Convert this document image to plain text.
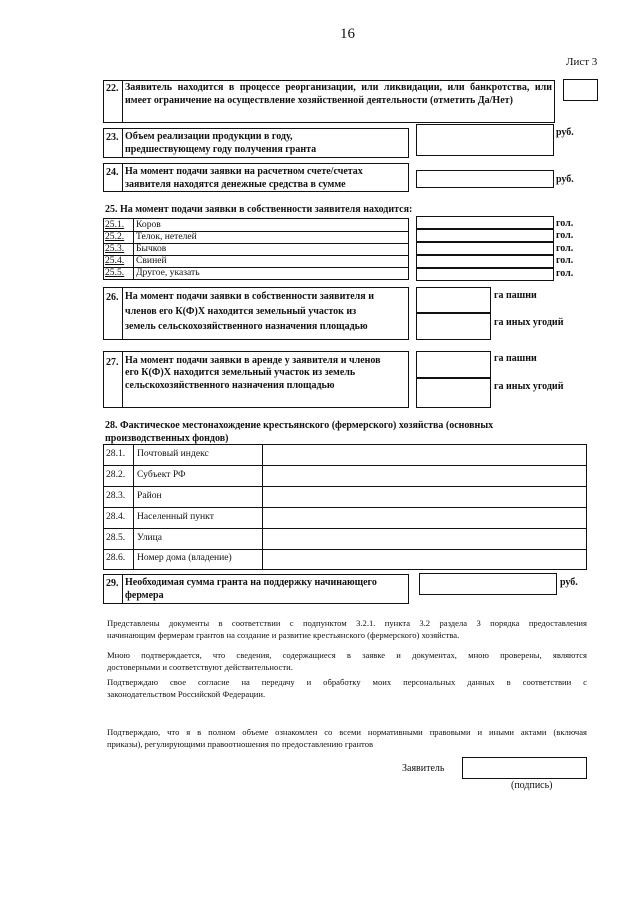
16
Лист 3
22. Заявитель находится в процессе реорганизации, или ликвидации, или банкротства, или имеет ограничение на осуществление хозяйственной деятельности (отметить Да/Нет)
23. Объем реализации продукции в году,
предшествующему году получения гранта
руб.
24. На момент подачи заявки на расчетном счете/счетах
заявителя находятся денежные средства в сумме	руб.
25. На момент подачи заявки в собственности заявителя находится:
25.1. Коров
25.2. Телок, нетелей
25.3. Бычков
25.4. Свиней
25.5. Другое, указать
гол.
гол.
гол.
гол.
гол.
26. На момент подачи заявки в собственности заявителя и
членов его К(Ф)Х находится земельный участок из
земель сельскохозяйственного назначения площадью
га пашни
га иных угодий
27. На момент подачи заявки в аренде у заявителя и членов
его К(Ф)Х находится земельный участок из земель
сельскохозяйственного назначения площадью
га пашни
га иных угодий
28. Фактическое местонахождение крестьянского (фермерского) хозяйства (основных
производственных фондов)
28.1. Почтовый индекс
28.2. Субъект РФ
28.3. Район
28.4. Населенный пункт
28.5. Улица
28.6. Номер дома (владение)
29. Необходимая сумма гранта на поддержку начинающего
фермера
руб.
Представлены документы в соответствии с подпунктом 3.2.1. пункта 3.2 раздела 3 порядка предоставления
начинающим фермерам грантов на создание и развитие крестьянского (фермерского) хозяйства.
Мною подтверждается, что сведения, содержащиеся в заявке и документах, мною проверены, являются
достоверными и соответствуют действительности.
Подтверждаю свое согласие на передачу и обработку моих персональных данных в соответствии с
законодательством Российской Федерации.
Подтверждаю, что я в полном объеме ознакомлен со всеми нормативными правовыми и иными актами (включая
приказы), регулирующими правоотношения по предоставлению грантов
Заявитель
(подпись)
